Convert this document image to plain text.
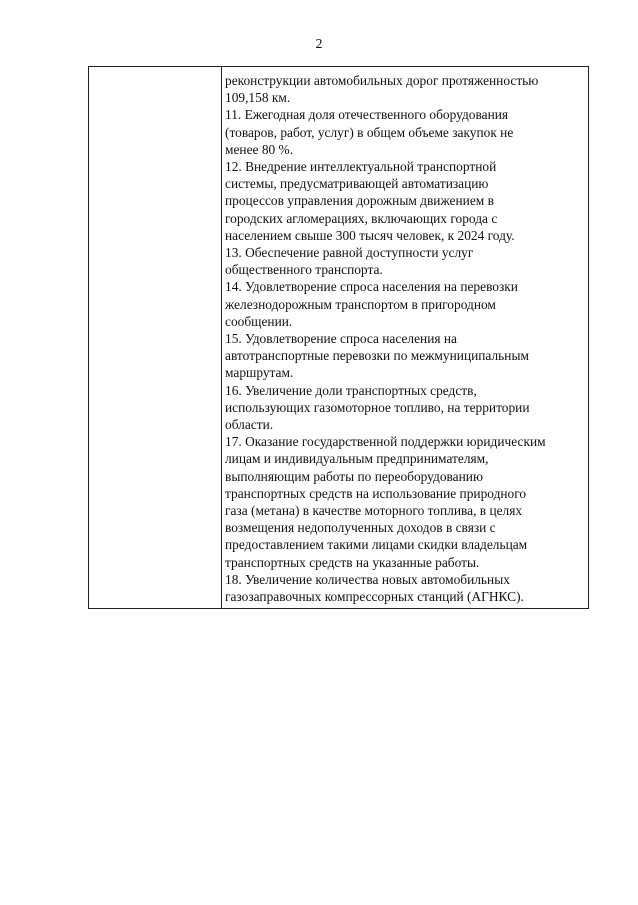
2

реконструкции автомобильных дорог протяженностью
109,158 км.
11. Ежегодная доля отечественного оборудования
(товаров, работ, услуг) в общем объеме закупок не
менее 80 %.
12. Внедрение интеллектуальной транспортной
системы, предусматривающей автоматизацию
процессов управления дорожным движением в
городских агломерациях, включающих города с
населением свыше 300 тысяч человек, к 2024 году.
13. Обеспечение равной доступности услуг
общественного транспорта.
14. Удовлетворение спроса населения на перевозки
железнодорожным транспортом в пригородном
сообщении.
15. Удовлетворение спроса населения на
автотранспортные перевозки по межмуниципальным
маршрутам.
16. Увеличение доли транспортных средств,
использующих газомоторное топливо, на территории
области.
17. Оказание государственной поддержки юридическим
лицам и индивидуальным предпринимателям,
выполняющим работы по переоборудованию
транспортных средств на использование природного
газа (метана) в качестве моторного топлива, в целях
возмещения недополученных доходов в связи с
предоставлением такими лицами скидки владельцам
транспортных средств на указанные работы.
18. Увеличение количества новых автомобильных
газозаправочных компрессорных станций (АГНКС).
